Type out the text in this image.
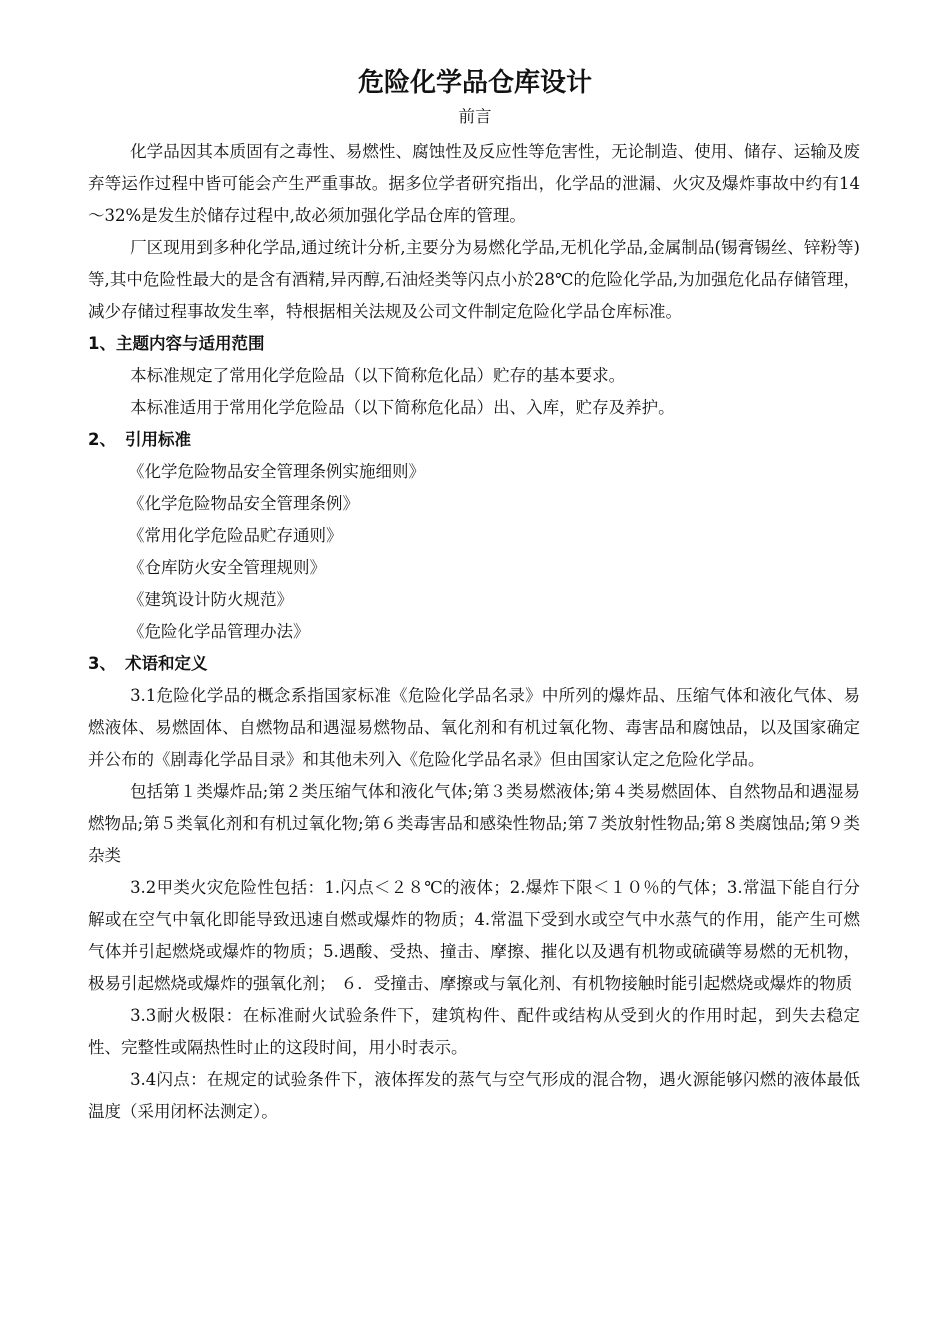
危险化学品仓库设计
前言

化学品因其本质固有之毒性、易燃性、腐蚀性及反应性等危害性，无论制造、使用、储存、运输及废弃等运作过程中皆可能会产生严重事故。据多位学者研究指出，化学品的泄漏、火灾及爆炸事故中约有14～32%是发生於储存过程中,故必须加强化学品仓库的管理。

厂区现用到多种化学品,通过统计分析,主要分为易燃化学品,无机化学品,金属制品(锡膏锡丝、锌粉等)等,其中危险性最大的是含有酒精,异丙醇,石油烃类等闪点小於28℃的危险化学品,为加强危化品存储管理，减少存储过程事故发生率，特根据相关法规及公司文件制定危险化学品仓库标准。

1、主题内容与适用范围

本标准规定了常用化学危险品（以下简称危化品）贮存的基本要求。

本标准适用于常用化学危险品（以下简称危化品）出、入库，贮存及养护。

2、 引用标准

《化学危险物品安全管理条例实施细则》

《化学危险物品安全管理条例》

《常用化学危险品贮存通则》

《仓库防火安全管理规则》

《建筑设计防火规范》

《危险化学品管理办法》

3、 术语和定义

3.1危险化学品的概念系指国家标准《危险化学品名录》中所列的爆炸品、压缩气体和液化气体、易燃液体、易燃固体、自燃物品和遇湿易燃物品、氧化剂和有机过氧化物、毒害品和腐蚀品，以及国家确定并公布的《剧毒化学品目录》和其他未列入《危险化学品名录》但由国家认定之危险化学品。

包括第１类爆炸品;第２类压缩气体和液化气体;第３类易燃液体;第４类易燃固体、自然物品和遇湿易燃物品;第５类氧化剂和有机过氧化物;第６类毒害品和感染性物品;第７类放射性物品;第８类腐蚀品;第９类杂类

3.2甲类火灾危险性包括：1.闪点＜２８℃的液体；2.爆炸下限＜１０％的气体；3.常温下能自行分解或在空气中氧化即能导致迅速自燃或爆炸的物质；4.常温下受到水或空气中水蒸气的作用，能产生可燃气体并引起燃烧或爆炸的物质；5.遇酸、受热、撞击、摩擦、摧化以及遇有机物或硫磺等易燃的无机物，极易引起燃烧或爆炸的强氧化剂； ６．受撞击、摩擦或与氧化剂、有机物接触时能引起燃烧或爆炸的物质

3.3耐火极限：在标准耐火试验条件下，建筑构件、配件或结构从受到火的作用时起，到失去稳定性、完整性或隔热性时止的这段时间，用小时表示。

3.4闪点：在规定的试验条件下，液体挥发的蒸气与空气形成的混合物，遇火源能够闪燃的液体最低温度（采用闭杯法测定）。
